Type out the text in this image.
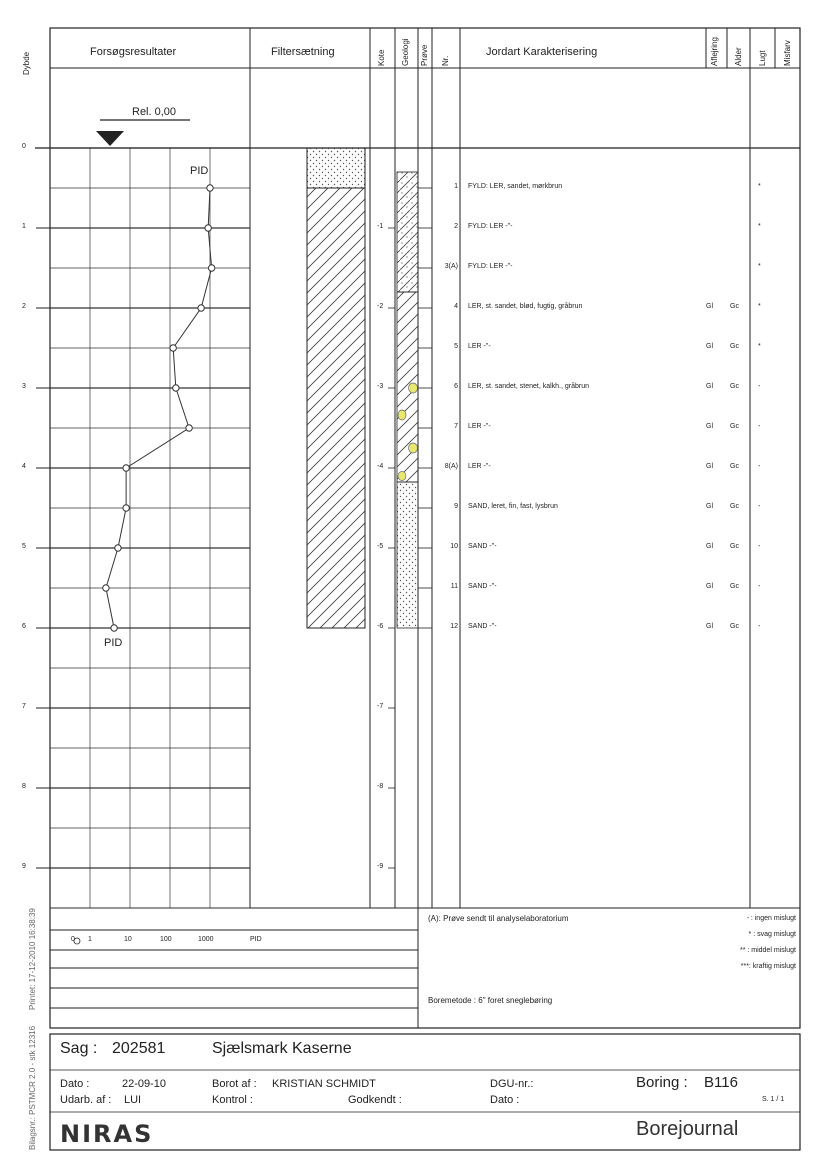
Dybde	Forsøgsresultater	Filtersætning	Kote Geologi Prøve Nr.
Jordart Karakterisering	Aflejring Alder Lugt Misfarv
Rel. 0,00
PID
PID
0
1
2
3
4
5
6
7
8
9
-1
-2
-3
-4
-5
-6
-7
-8
-9
1 FYLD: LER, sandet, mørkbrun	*
2 FYLD: LER -"-	*
3(A) FYLD: LER -"-	*
4 LER, st. sandet, blød, fugtig, gråbrun	Gl Gc	*
5 LER -"-	Gl Gc	*
6 LER, st. sandet, stenet, kalkh., gråbrun	Gl Gc	-
7 LER -"-	Gl Gc	-
8(A) LER -"-	Gl Gc	-
9 SAND, leret, fin, fast, lysbrun	Gl Gc	-
10 SAND -"-	Gl Gc	-
11 SAND -"-	Gl Gc	-
12 SAND -"-	Gl Gc	-
0 1	10	100	1000	PID
(A): Prøve sendt til analyselaboratorium
Boremetode : 6" foret sneglebøring
- : ingen mislugt
* : svag mislugt
** : middel mislugt
***: kraftig mislugt
Bilagsnr.: PSTMCR 2.0 - stk 12316
Printet: 17-12-2010 16:38:39
Sag : 202581	Sjælsmark Kaserne
Dato :	22-09-10
Udarb. af : LUI
Borot af : KRISTIAN SCHMIDT
Kontrol :	Godkendt :
DGU-nr.:
Dato :
Boring : B116
S. 1 / 1
NIRAS	Borejournal
